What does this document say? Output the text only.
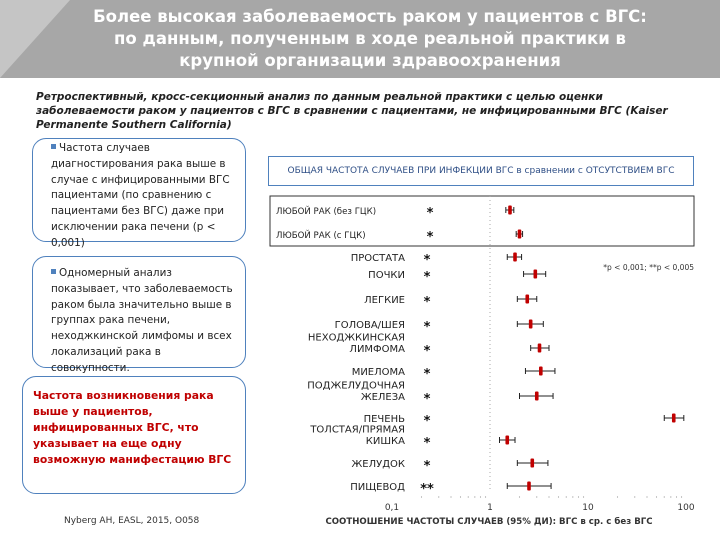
Более высокая заболеваемость раком у пациентов с ВГС: по данным, полученным в ходе реальной практики в крупной организации здравоохранения
Ретроспективный, кросс-секционный анализ по данным реальной практики с целью оценки заболеваемости раком у пациентов с ВГС в сравнении с пациентами, не инфицированными ВГС (Kaiser Permanente Southern California)
Частота случаев диагностирования рака выше в случае с инфицированными ВГС пациентами (по сравнению с пациентами без ВГС) даже при исключении рака печени (p < 0,001)
Одномерный анализ показывает, что заболеваемость раком была значительно выше в группах рака печени, неходжкинской лимфомы и всех локализаций рака в совокупности.
Частота возникновения рака выше у пациентов, инфицированных ВГС, что указывает на еще одну возможную манифестацию ВГС
ОБЩАЯ ЧАСТОТА СЛУЧАЕВ ПРИ ИНФЕКЦИИ ВГС в сравнении с ОТСУТСТВИЕМ ВГС
0,1	1	10	100
СООТНОШЕНИЕ ЧАСТОТЫ СЛУЧАЕВ (95% ДИ): ВГС в ср. с без ВГС
*p < 0,001; **p < 0,005
ЛЮБОЙ РАК (без ГЦК)	*
ЛЮБОЙ РАК (с ГЦК)	*
ПРОСТАТА *
ПОЧКИ *
ЛЕГКИЕ *
ГОЛОВА/ШЕЯ *
НЕХОДЖКИНСКАЯ
ЛИМФОМА *
МИЕЛОМА *
ПОДЖЕЛУДОЧНАЯ
ЖЕЛЕЗА *
ПЕЧЕНЬ *
ТОЛСТАЯ/ПРЯМАЯ
КИШКА *
ЖЕЛУДОК *
ПИЩЕВОД **
Nyberg AH, EASL, 2015, O058
